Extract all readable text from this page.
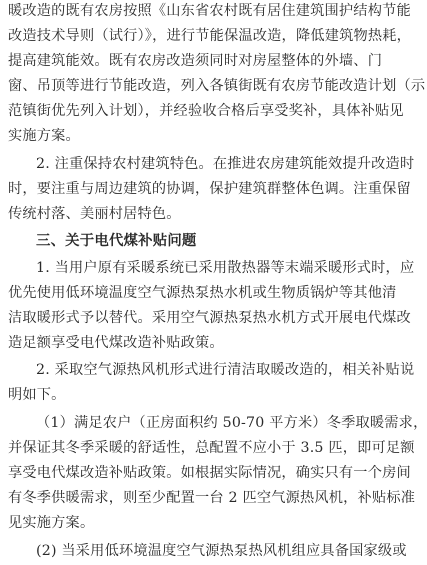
暖改造的既有农房按照《山东省农村既有居住建筑围护结构节能
改造技术导则（试行）》，进行节能保温改造，降低建筑物热耗，
提高建筑能效。既有农房改造须同时对房屋整体的外墙、门
窗、吊顶等进行节能改造，列入各镇街既有农房节能改造计划（示
范镇街优先列入计划），并经验收合格后享受奖补，具体补贴见
实施方案。
2. 注重保持农村建筑特色。在推进农房建筑能效提升改造时
时，要注重与周边建筑的协调，保护建筑群整体色调。注重保留
传统村落、美丽村居特色。
三、关于电代煤补贴问题
1. 当用户原有采暖系统已采用散热器等末端采暖形式时，应
优先使用低环境温度空气源热泵热水机或生物质锅炉等其他清
洁取暖形式予以替代。采用空气源热泵热水机方式开展电代煤改
造足额享受电代煤改造补贴政策。
2. 采取空气源热风机形式进行清洁取暖改造的，相关补贴说
明如下。
（1）满足农户（正房面积约 50-70 平方米）冬季取暖需求，
并保证其冬季采暖的舒适性，总配置不应小于 3.5 匹，即可足额
享受电代煤改造补贴政策。如根据实际情况，确实只有一个房间
有冬季供暖需求，则至少配置一台 2 匹空气源热风机，补贴标准
见实施方案。
(2) 当采用低环境温度空气源热泵热风机组应具备国家级或
